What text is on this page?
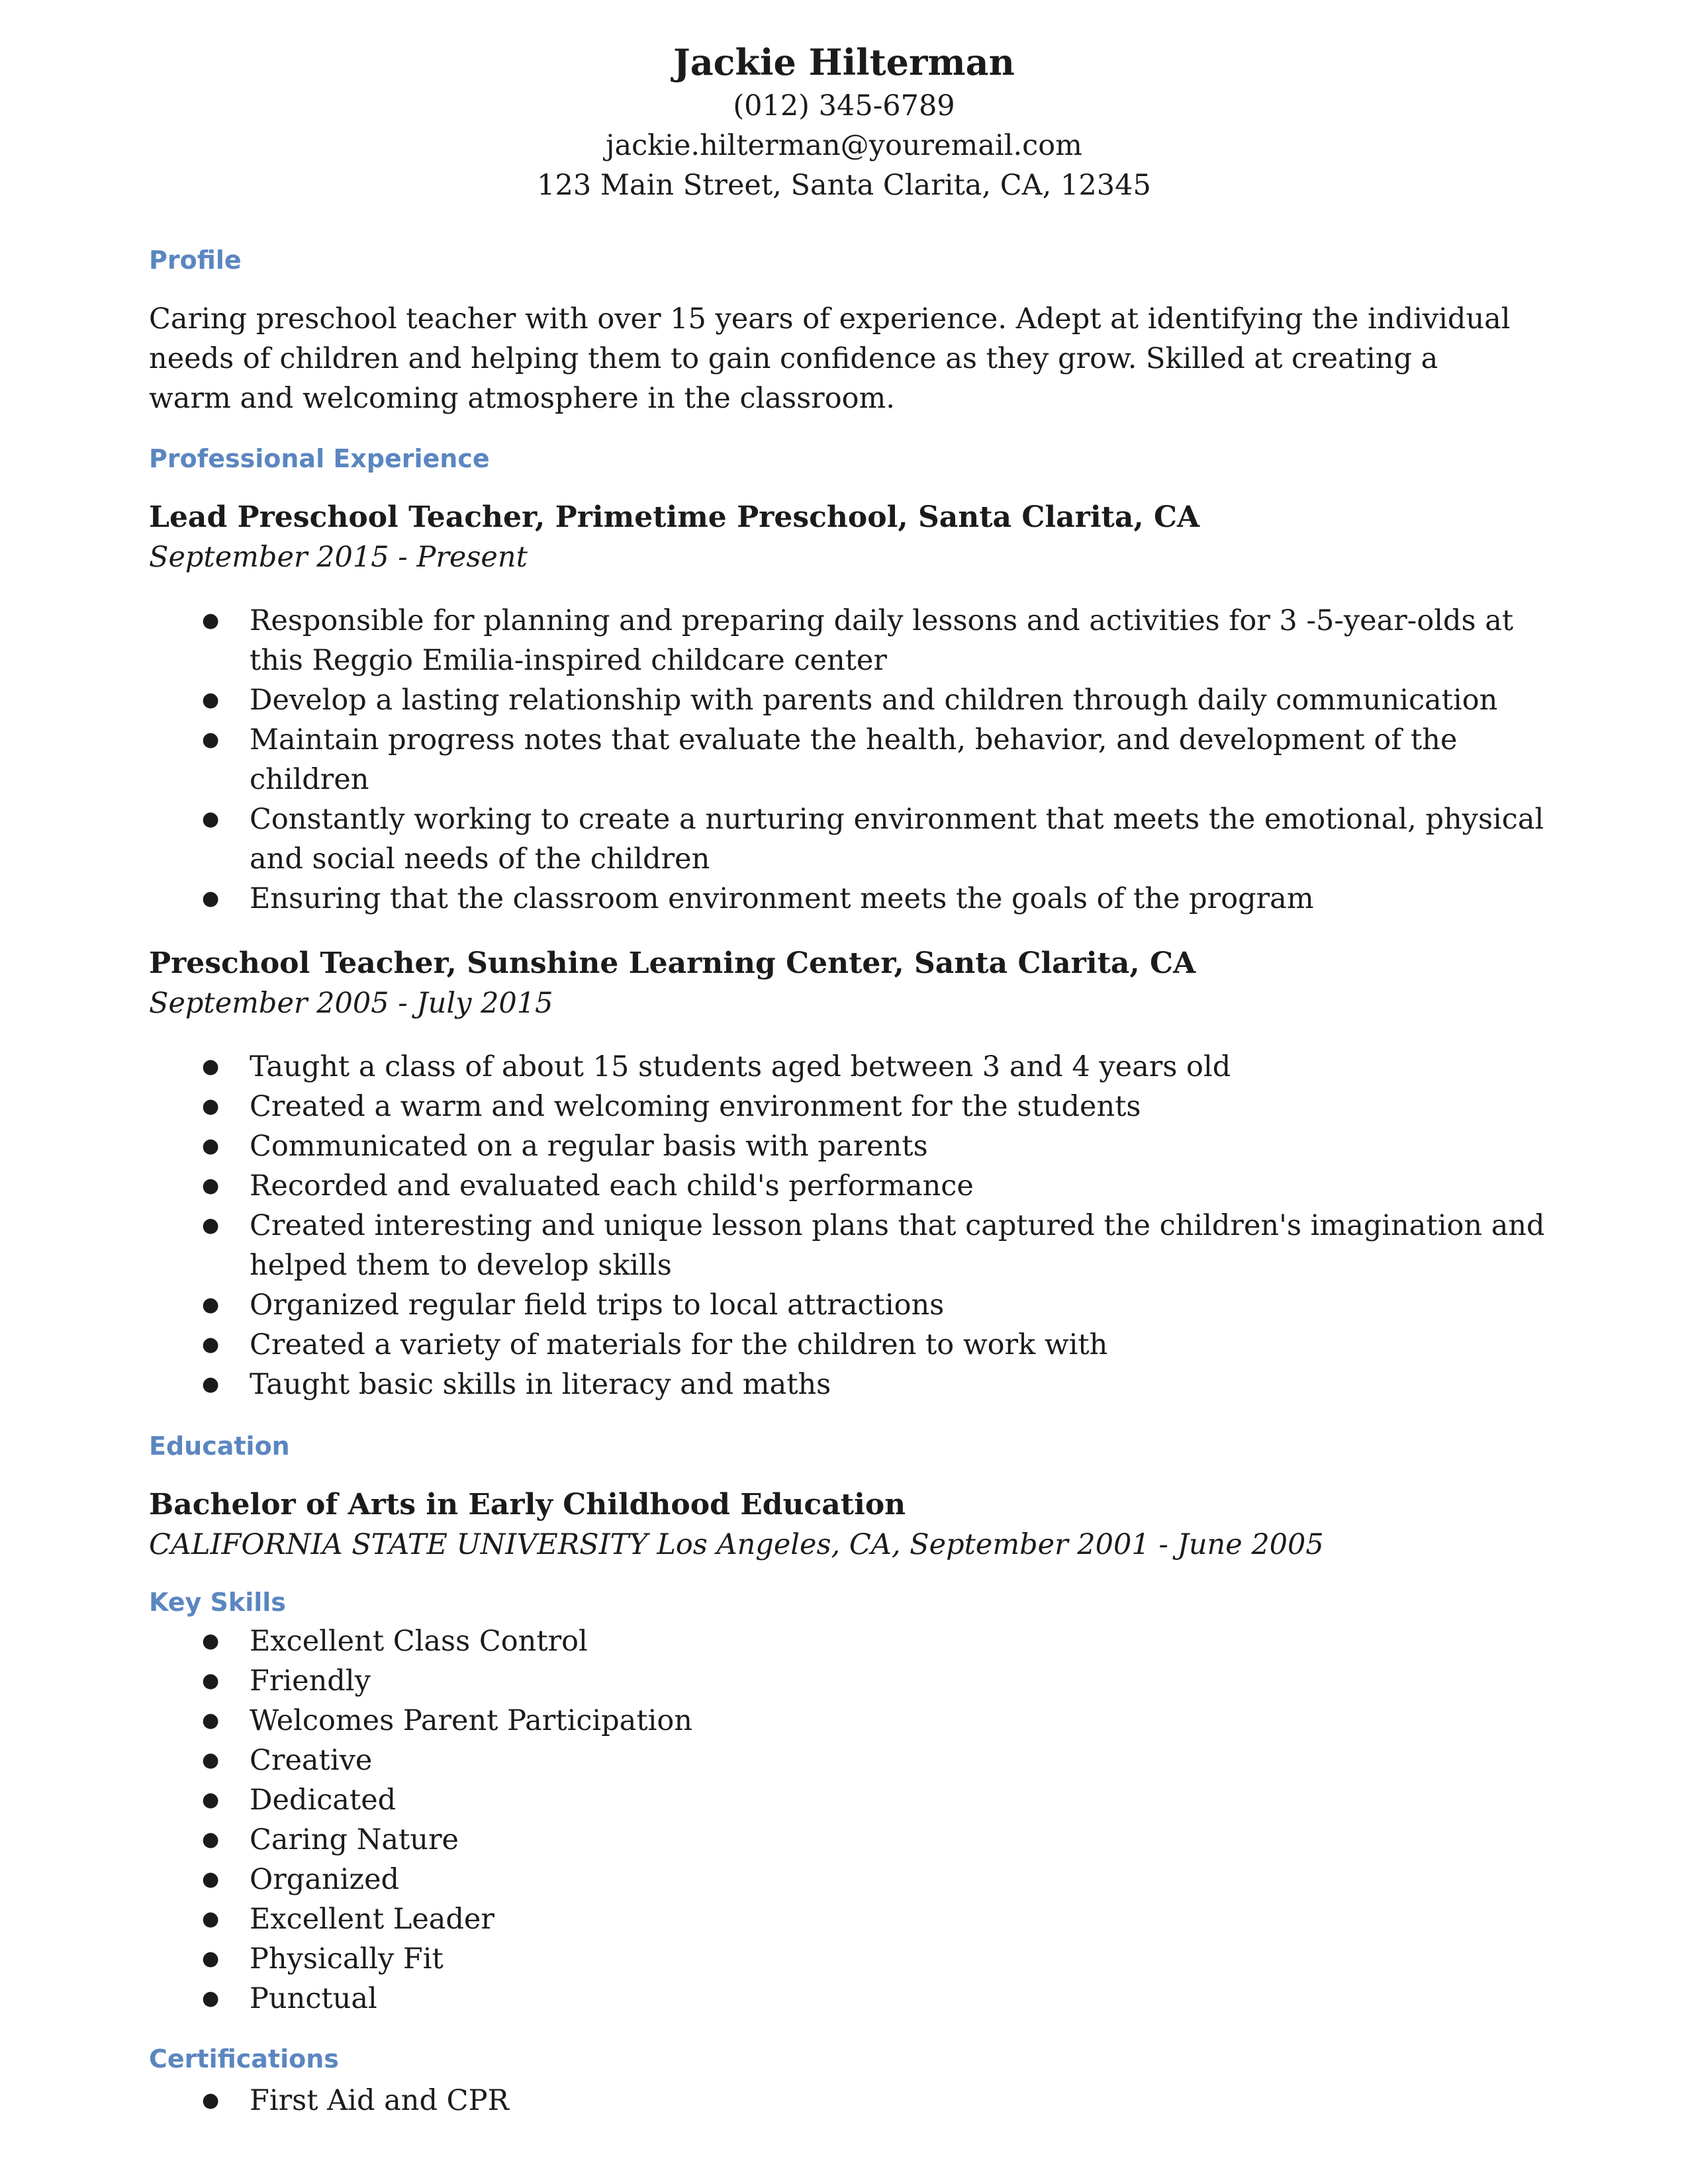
Jackie Hilterman

(012) 345-6789

jackie.hilterman@youremail.com

123 Main Street, Santa Clarita, CA, 12345

Profile

Caring preschool teacher with over 15 years of experience. Adept at identifying the individual needs of children and helping them to gain confidence as they grow. Skilled at creating a warm and welcoming atmosphere in the classroom.

Professional Experience

Lead Preschool Teacher, Primetime Preschool, Santa Clarita, CA

September 2015 - Present

● Responsible for planning and preparing daily lessons and activities for 3 -5-year-olds at this Reggio Emilia-inspired childcare center
● Develop a lasting relationship with parents and children through daily communication
● Maintain progress notes that evaluate the health, behavior, and development of the children
● Constantly working to create a nurturing environment that meets the emotional, physical and social needs of the children
● Ensuring that the classroom environment meets the goals of the program

Preschool Teacher, Sunshine Learning Center, Santa Clarita, CA

September 2005 - July 2015

● Taught a class of about 15 students aged between 3 and 4 years old
● Created a warm and welcoming environment for the students
● Communicated on a regular basis with parents
● Recorded and evaluated each child's performance
● Created interesting and unique lesson plans that captured the children's imagination and helped them to develop skills
● Organized regular field trips to local attractions
● Created a variety of materials for the children to work with
● Taught basic skills in literacy and maths

Education

Bachelor of Arts in Early Childhood Education

CALIFORNIA STATE UNIVERSITY Los Angeles, CA, September 2001 - June 2005

Key Skills

● Excellent Class Control
● Friendly
● Welcomes Parent Participation
● Creative
● Dedicated
● Caring Nature
● Organized
● Excellent Leader
● Physically Fit
● Punctual

Certifications

● First Aid and CPR
